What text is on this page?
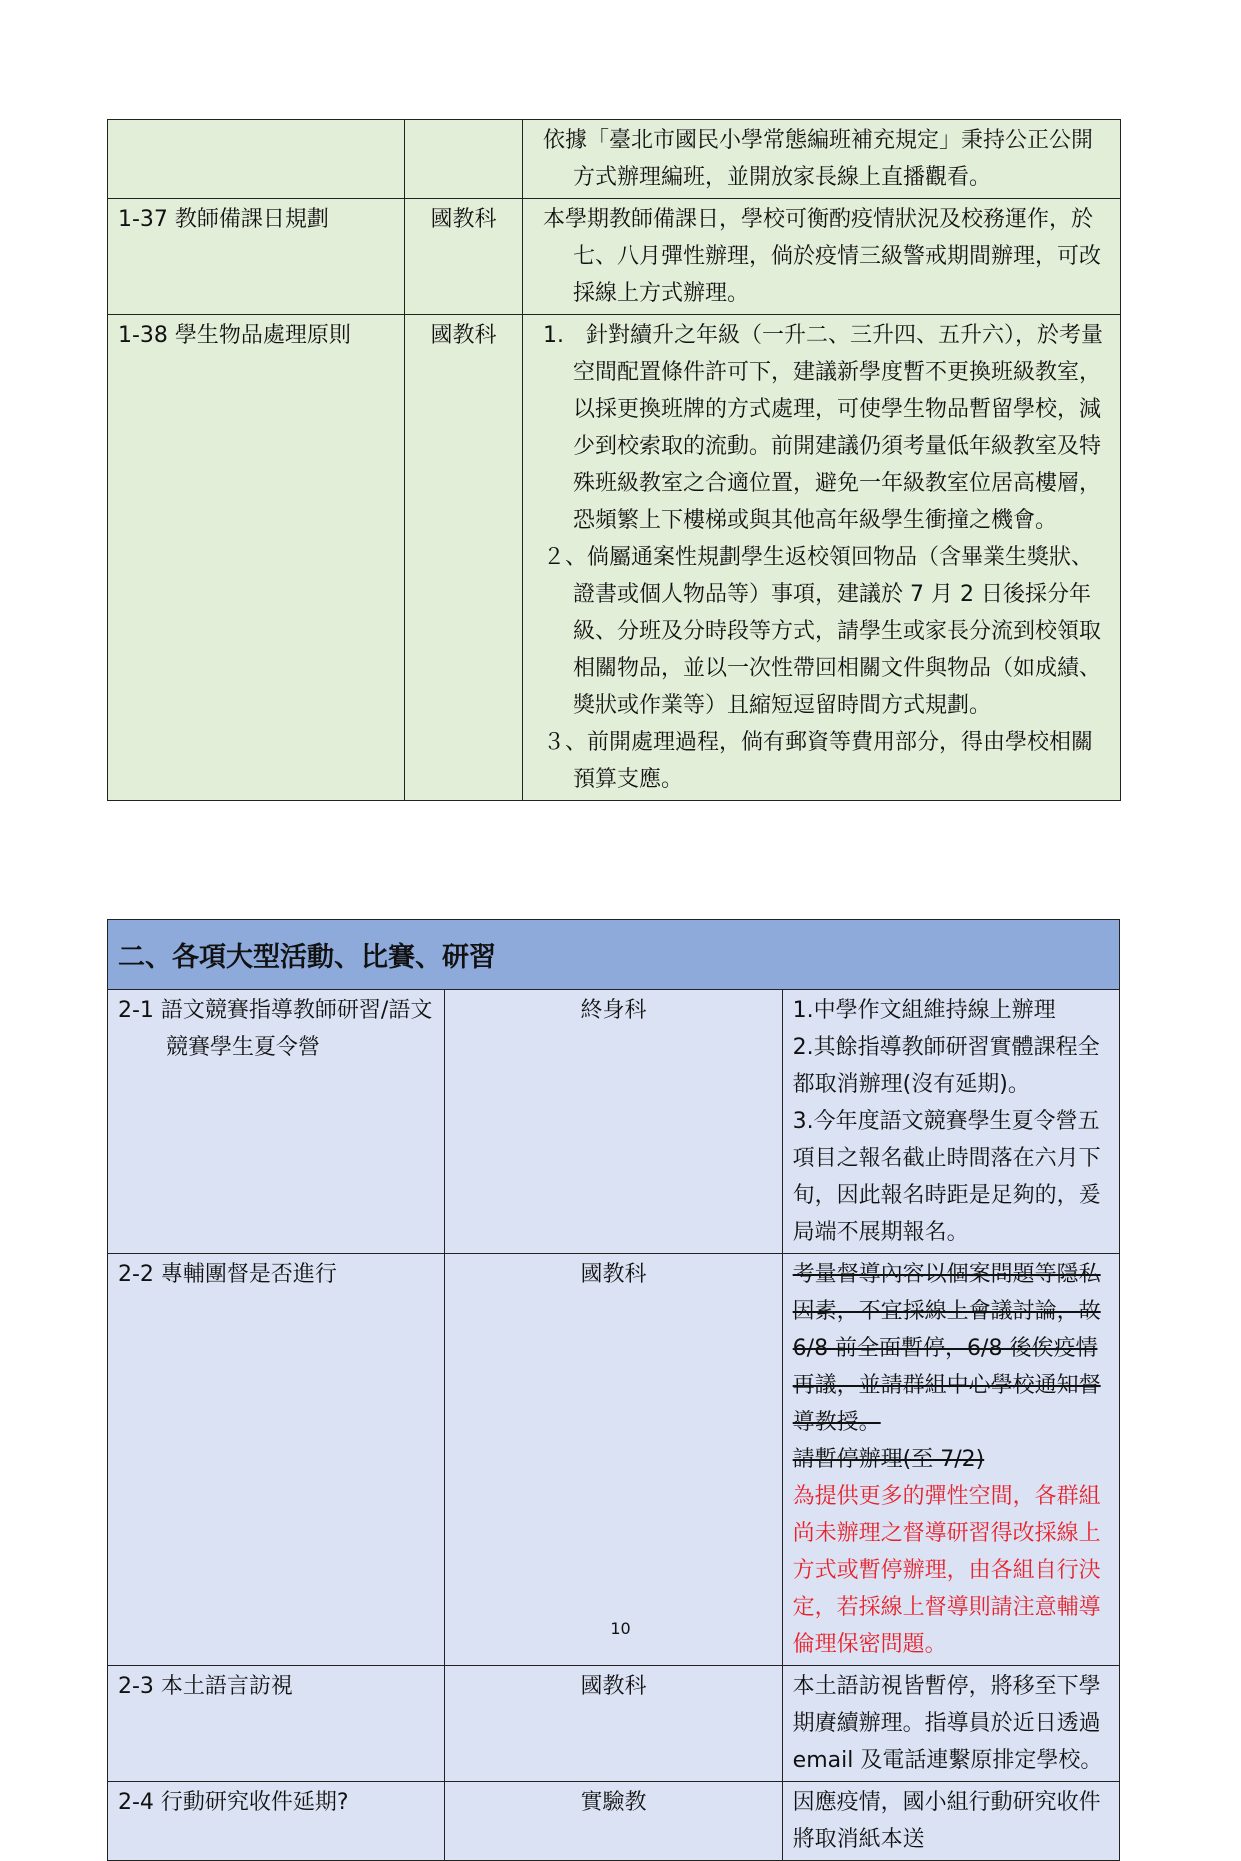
		依據「臺北市國民小學常態編班補充規定」秉持公正公開方式辦理編班，並開放家長線上直播觀看。

1-37 教師備課日規劃	國教科	本學期教師備課日，學校可衡酌疫情狀況及校務運作，於七、八月彈性辦理，倘於疫情三級警戒期間辦理，可改採線上方式辦理。

1-38 學生物品處理原則	國教科	1.　針對續升之年級（一升二、三升四、五升六），於考量空間配置條件許可下，建議新學度暫不更換班級教室，以採更換班牌的方式處理，可使學生物品暫留學校，減少到校索取的流動。前開建議仍須考量低年級教室及特殊班級教室之合適位置，避免一年級教室位居高樓層，恐頻繁上下樓梯或與其他高年級學生衝撞之機會。
２、倘屬通案性規劃學生返校領回物品（含畢業生獎狀、證書或個人物品等）事項，建議於 7 月 2 日後採分年級、分班及分時段等方式，請學生或家長分流到校領取相關物品，並以一次性帶回相關文件與物品（如成績、獎狀或作業等）且縮短逗留時間方式規劃。
３、前開處理過程，倘有郵資等費用部分，得由學校相關預算支應。
二、各項大型活動、比賽、研習		

2-1 語文競賽指導教師研習/語文競賽學生夏令營	終身科	1.中學作文組維持線上辦理
2.其餘指導教師研習實體課程全都取消辦理(沒有延期)。
3.今年度語文競賽學生夏令營五項目之報名截止時間落在六月下旬，因此報名時距是足夠的，爰局端不展期報名。

2-2 專輔團督是否進行	國教科	考量督導內容以個案問題等隱私因素，不宜採線上會議討論，故 6/8 前全面暫停，6/8 後俟疫情再議，並請群組中心學校通知督導教授。
請暫停辦理(至 7/2)
為提供更多的彈性空間，各群組尚未辦理之督導研習得改採線上方式或暫停辦理，由各組自行決定，若採線上督導則請注意輔導倫理保密問題。

2-3 本土語言訪視	國教科	本土語訪視皆暫停，將移至下學期賡續辦理。指導員於近日透過 email 及電話連繫原排定學校。

2-4 行動研究收件延期?	實驗教	因應疫情，國小組行動研究收件將取消紙本送
10
